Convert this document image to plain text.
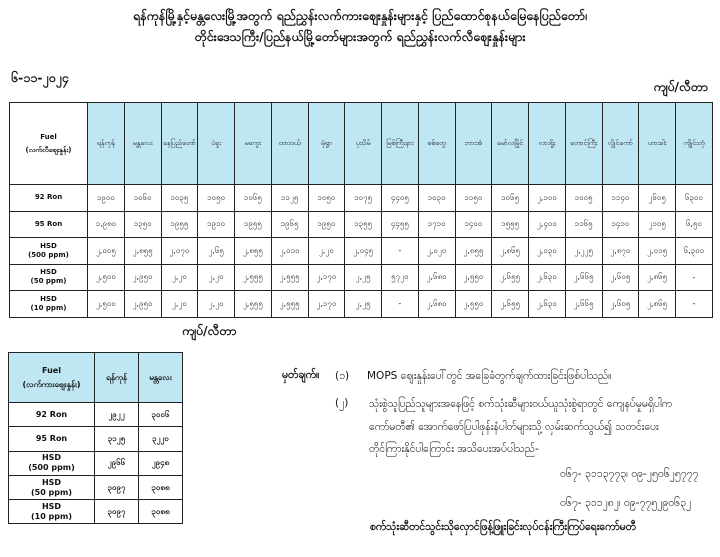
ရန်ကုန်မြို့နှင့်မန္တလေးမြို့အတွက် ရည်ညွှန်းလက်ကားဈေးနှုန်းများနှင့် ပြည်ထောင်စုနယ်မြေနေပြည်တော်၊
တိုင်းဒေသကြီး/ပြည်နယ်မြို့တော်များအတွက် ရည်ညွှန်းလက်လီဈေးနှုန်းများ
၆-၁၁-၂၀၂၄
ကျပ်/လီတာ
Fuel
(လက်လီဈေးနှုန်း)	ရန်ကုန်	မန္တလေး	နေပြည်တော်	ပဲခူး	မကွေး	ထားဝယ်	မုံရွာ	ပုသိမ်	မြစ်ကြီးနား	စစ်တွေ	ဘားအံ	မော်လမြိုင်	လားရှိုး	တောင်ကြီး	လွိုင်ကော်	ဟားခါး	ကျိုင်းတုံ

92 Ron	၁၉၀၀	၁၀၆၀	၁၀၃၅	၁၀၅၀	၁၀၆၅	၁၁၂၅	၁၀၅၀	၁၀၇၅	၄၄၀၅	၁၀၃၀	၁၁၅၀	၁၀၆၅	၂,၁၀၀	၁၀၀၅	၁၁၄၀	၂၆၀၅	၆၃၀၀

95 Ron	၁,၉၈၀	၁၃၅၀	၁၉၅၅	၁၉၁၀	၁၉၅၅	၁၉၆၅	၁၉၅၀	၁၃၅၅	၄၄၅၅	၁၇၁၀	၁၄၀၀	၁၅၅၅	၂,၄၀၀	၁၁၆၅	၁၄၁၀	၂၁၀၅	၆,၅၀

HSD
(500 ppm)	၂,၀၀၅	၂,၈၅၅	၂,၀၇၀	၂,၆၅	၂,၈၅၅	၂,၀၁၀	၂,၂၀	၂,၀၄၅	-	၂,၀၂၀	၂,၈၅၅	၂,၈၆၅	၂,၀၃၀	၂,၂၂၅	၂,၈၇၀	၂,၀၁၅	၆,၃၀၀

HSD
(50 ppm)	၂,၅၀၀	၂,၉၅၀	၂,၂၀	၂,၂၀	၂,၅၅၅	၂,၅၅၅	၂,၁၇၀	၂,၂၅	၅၇၂၀	၂,၆၈၀	၂,၅၅၀	၂,၆၅၅	၂,၆၃၀	၂,၆၆၅	၂,၆၀၅	၂,၈၆၅	-

HSD
(10 ppm)	၂,၅၀၀	၂,၉၅၀	၂,၂၀	၂,၂၀	၂,၅၅၅	၂,၅၅၅	၂,၁၇၀	၂,၂၅	-	၂,၆၈၀	၂,၅၅၀	၂,၆၅၅	၂,၆၃၀	၂,၆၆၅	၂,၆၀၅	၂,၈၆၅	-
ကျပ်/လီတာ
Fuel
(လက်ကားဈေးနှုန်း)	ရန်ကုန်	မန္တလေး

92 Ron	၂၉၂၂	၃၀၀၆

95 Ron	၃၁၂၅	၃၂၂၀

HSD
(500 ppm)	၂၉၆၆	၂၉၄၈

HSD
(50 ppm)	၃၀၉၇	၃၀၈၈

HSD
(10 ppm)	၃၀၉၇	၃၀၈၈
မှတ်ချက်။ (၁) MOPS ဈေးနှုန်းပေါ်တွင် အခြေခံတွက်ချက်ထားခြင်းဖြစ်ပါသည်။
(၂) သုံးစွဲသူပြည်သူများအနေဖြင့် စက်သုံးဆီများဝယ်ယူသုံးစွဲရာတွင် ကျေနပ်မှုမရှိပါက
ကော်မတီ၏ အောက်ဖော်ပြပါဖုန်းနံပါတ်များသို့ လှမ်းဆက်သွယ်၍ သတင်းပေး
တိုင်ကြားနိုင်ပါကြောင်း အသိပေးအပ်ပါသည်-
၀၆၇- ၃၁၁၃၇၇၃၊ ၀၉-၂၅၀၆၂၅၇၇၇
၀၆၇- ၃၁၁၂၈၂၊ ၀၉-၇၇၅၂၉၀၆၃၂
စက်သုံးဆီတင်သွင်းသိုလှောင်ဖြန့်ဖြူးခြင်းလုပ်ငန်းကြီးကြပ်ရေးကော်မတီ
